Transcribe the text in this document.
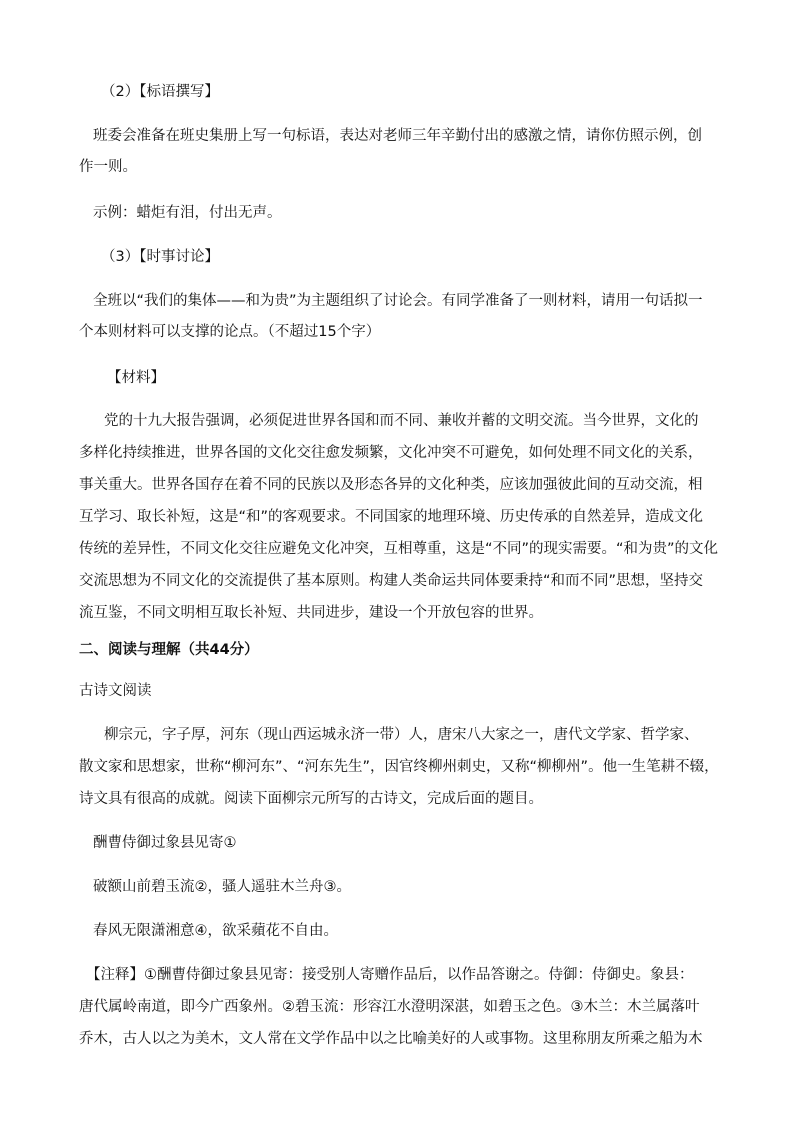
（2）【标语撰写】
班委会准备在班史集册上写一句标语，表达对老师三年辛勤付出的感激之情，请你仿照示例，创
作一则。
示例：蜡炬有泪，付出无声。
（3）【时事讨论】
全班以“我们的集体——和为贵”为主题组织了讨论会。有同学准备了一则材料，请用一句话拟一
个本则材料可以支撑的论点。（不超过15个字）
【材料】
党的十九大报告强调，必须促进世界各国和而不同、兼收并蓄的文明交流。当今世界，文化的
多样化持续推进，世界各国的文化交往愈发频繁，文化冲突不可避免，如何处理不同文化的关系，
事关重大。世界各国存在着不同的民族以及形态各异的文化种类，应该加强彼此间的互动交流，相
互学习、取长补短，这是“和”的客观要求。不同国家的地理环境、历史传承的自然差异，造成文化
传统的差异性，不同文化交往应避免文化冲突，互相尊重，这是“不同”的现实需要。“和为贵”的文化
交流思想为不同文化的交流提供了基本原则。构建人类命运共同体要秉持“和而不同”思想，坚持交
流互鉴，不同文明相互取长补短、共同进步，建设一个开放包容的世界。
二、阅读与理解（共44分）
古诗文阅读
柳宗元，字子厚，河东（现山西运城永济一带）人，唐宋八大家之一，唐代文学家、哲学家、
散文家和思想家，世称“柳河东”、“河东先生”，因官终柳州刺史，又称“柳柳州”。他一生笔耕不辍，
诗文具有很高的成就。阅读下面柳宗元所写的古诗文，完成后面的题目。
酬曹侍御过象县见寄①
破额山前碧玉流②，骚人遥驻木兰舟③。
春风无限潇湘意④，欲采蘋花不自由。
【注释】①酬曹侍御过象县见寄：接受别人寄赠作品后，以作品答谢之。侍御：侍御史。象县：
唐代属岭南道，即今广西象州。②碧玉流：形容江水澄明深湛，如碧玉之色。③木兰：木兰属落叶
乔木，古人以之为美木，文人常在文学作品中以之比喻美好的人或事物。这里称朋友所乘之船为木
